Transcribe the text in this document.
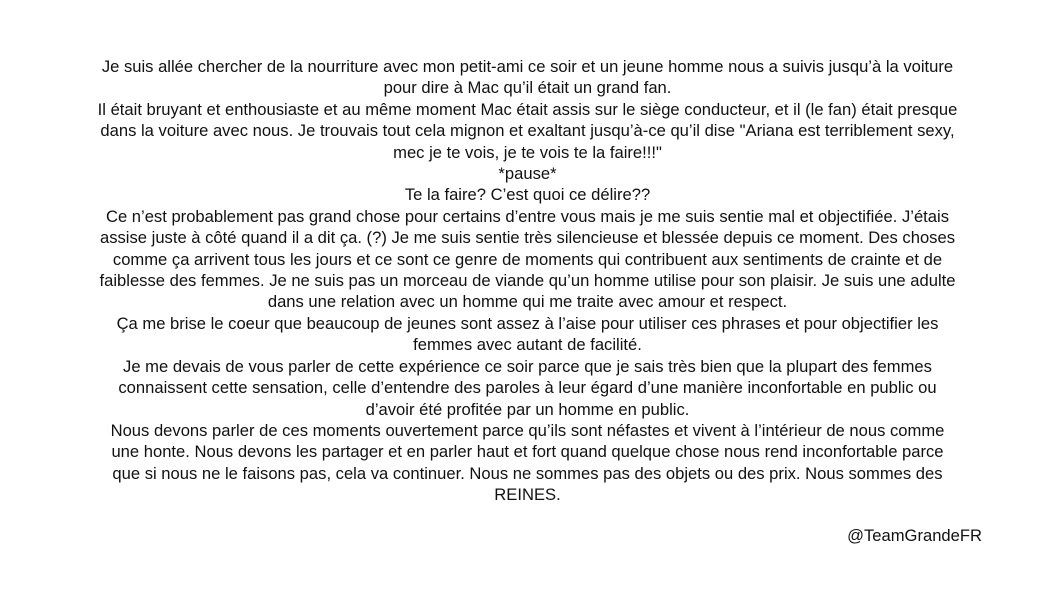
Je suis allée chercher de la nourriture avec mon petit-ami ce soir et un jeune homme nous a suivis jusqu’à la voiture
pour dire à Mac qu’il était un grand fan.
Il était bruyant et enthousiaste et au même moment Mac était assis sur le siège conducteur, et il (le fan) était presque
dans la voiture avec nous. Je trouvais tout cela mignon et exaltant jusqu’à-ce qu’il dise "Ariana est terriblement sexy,
mec je te vois, je te vois te la faire!!!"
*pause*
Te la faire? C’est quoi ce délire??
Ce n’est probablement pas grand chose pour certains d’entre vous mais je me suis sentie mal et objectifiée. J’étais
assise juste à côté quand il a dit ça. (?) Je me suis sentie très silencieuse et blessée depuis ce moment. Des choses
comme ça arrivent tous les jours et ce sont ce genre de moments qui contribuent aux sentiments de crainte et de
faiblesse des femmes. Je ne suis pas un morceau de viande qu’un homme utilise pour son plaisir. Je suis une adulte
dans une relation avec un homme qui me traite avec amour et respect.
Ça me brise le coeur que beaucoup de jeunes sont assez à l’aise pour utiliser ces phrases et pour objectifier les
femmes avec autant de facilité.
Je me devais de vous parler de cette expérience ce soir parce que je sais très bien que la plupart des femmes
connaissent cette sensation, celle d’entendre des paroles à leur égard d’une manière inconfortable en public ou
d’avoir été profitée par un homme en public.
Nous devons parler de ces moments ouvertement parce qu’ils sont néfastes et vivent à l’intérieur de nous comme
une honte. Nous devons les partager et en parler haut et fort quand quelque chose nous rend inconfortable parce
que si nous ne le faisons pas, cela va continuer. Nous ne sommes pas des objets ou des prix. Nous sommes des
REINES.
@TeamGrandeFR
